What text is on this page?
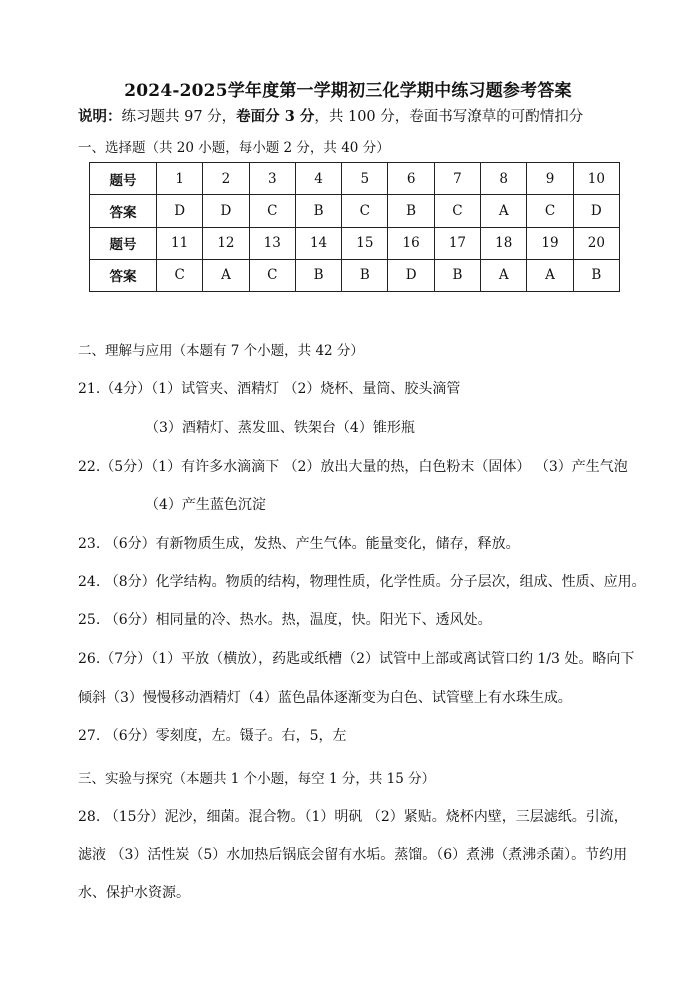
2024-2025学年度第一学期初三化学期中练习题参考答案
说明：练习题共 97 分，卷面分 3 分，共 100 分，卷面书写潦草的可酌情扣分
一、选择题（共 20 小题，每小题 2 分，共 40 分）
题号	1	2	3	4	5	6	7	8	9	10
答案	D	D	C	B	C	B	C	A	C	D
题号	11	12	13	14	15	16	17	18	19	20
答案	C	A	C	B	B	D	B	A	A	B
二、理解与应用（本题有 7 个小题，共 42 分）
21.（4分）（1）试管夹、酒精灯 （2）烧杯、量筒、胶头滴管
（3）酒精灯、蒸发皿、铁架台（4）锥形瓶
22.（5分）（1）有许多水滴滴下 （2）放出大量的热，白色粉末（固体） （3）产生气泡
（4）产生蓝色沉淀
23. （6分）有新物质生成，发热、产生气体。能量变化，储存，释放。
24. （8分）化学结构。物质的结构，物理性质，化学性质。分子层次，组成、性质、应用。
25. （6分）相同量的冷、热水。热，温度，快。阳光下、透风处。
26.（7分）（1）平放（横放），药匙或纸槽（2）试管中上部或离试管口约 1/3 处。略向下
倾斜（3）慢慢移动酒精灯（4）蓝色晶体逐渐变为白色、试管壁上有水珠生成。
27. （6分）零刻度，左。镊子。右，5，左
三、实验与探究（本题共 1 个小题，每空 1 分，共 15 分）
28. （15分）泥沙，细菌。混合物。（1）明矾 （2）紧贴。烧杯内壁，三层滤纸。引流，
滤液 （3）活性炭（5）水加热后锅底会留有水垢。蒸馏。（6）煮沸（煮沸杀菌）。节约用
水、保护水资源。
